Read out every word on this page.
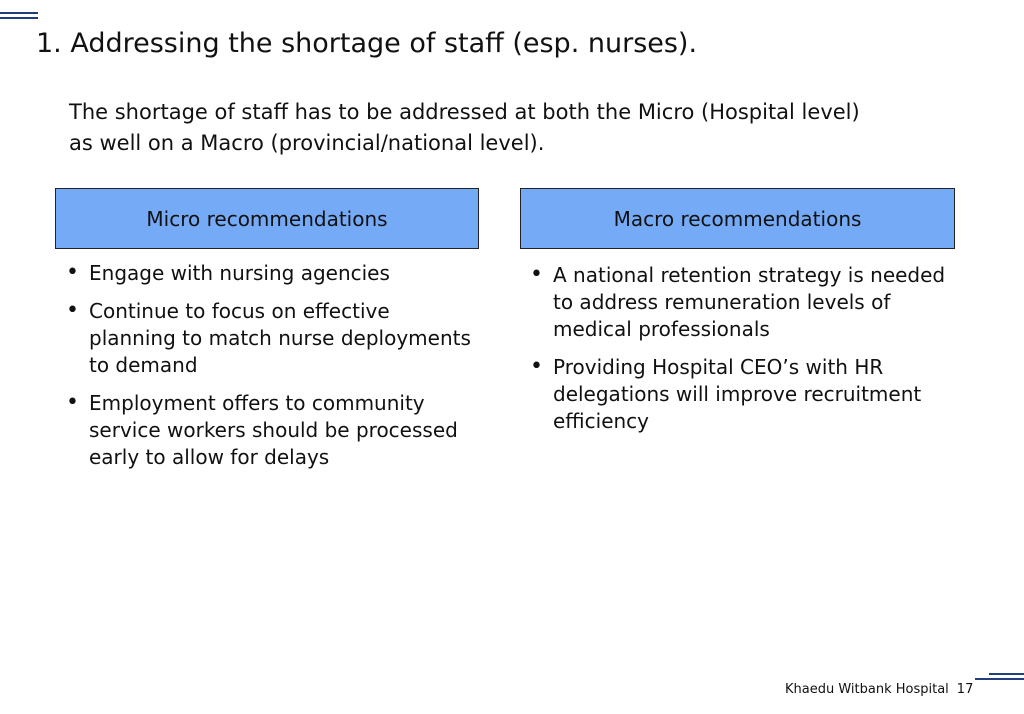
1. Addressing the shortage of staff (esp. nurses).

The shortage of staff has to be addressed at both the Micro (Hospital level) as well on a Macro (provincial/national level).

Micro recommendations	Macro recommendations
• Engage with nursing agencies
• Continue to focus on effective planning to match nurse deployments to demand
• Employment offers to community service workers should be processed early to allow for delays
• A national retention strategy is needed to address remuneration levels of medical professionals
• Providing Hospital CEO’s with HR delegations will improve recruitment efficiency
Khaedu Witbank Hospital 17
